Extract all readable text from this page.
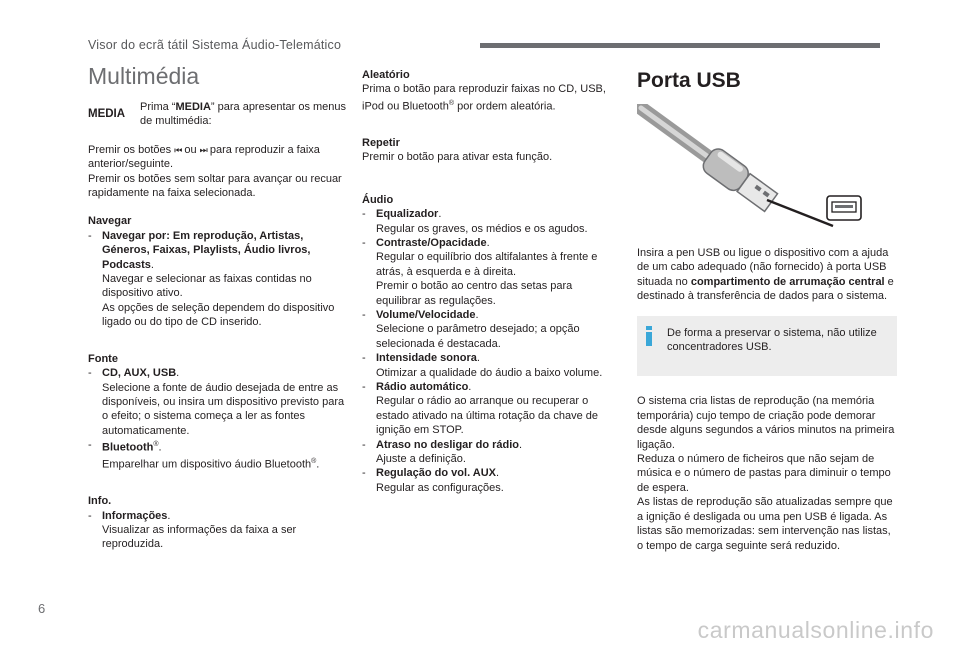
Visor do ecrã tátil Sistema Áudio-Telemático
Multimédia
MEDIA
Prima “MEDIA” para apresentar os menus de multimédia:

Premir os botões ⏮ ou ⏭ para reproduzir a faixa anterior/seguinte.

Premir os botões sem soltar para avançar ou recuar rapidamente na faixa selecionada.

Navegar

- Navegar por: Em reprodução, Artistas, Géneros, Faixas, Playlists, Áudio livros, Podcasts.

Navegar e selecionar as faixas contidas no dispositivo ativo.

As opções de seleção dependem do dispositivo ligado ou do tipo de CD inserido.

Fonte

- CD, AUX, USB.

Selecione a fonte de áudio desejada de entre as disponíveis, ou insira um dispositivo previsto para o efeito; o sistema começa a ler as fontes automaticamente.

- Bluetooth®.

Emparelhar um dispositivo áudio Bluetooth®.

Info.

- Informações.

Visualizar as informações da faixa a ser reproduzida.

Aleatório

Prima o botão para reproduzir faixas no CD, USB, iPod ou Bluetooth® por ordem aleatória.

Repetir

Premir o botão para ativar esta função.

Áudio

- Equalizador.

Regular os graves, os médios e os agudos.

- Contraste/Opacidade.

Regular o equilíbrio dos altifalantes à frente e atrás, à esquerda e à direita.

Premir o botão ao centro das setas para equilibrar as regulações.

- Volume/Velocidade.

Selecione o parâmetro desejado; a opção selecionada é destacada.

- Intensidade sonora.

Otimizar a qualidade do áudio a baixo volume.

- Rádio automático.

Regular o rádio ao arranque ou recuperar o estado ativado na última rotação da chave de ignição em STOP.

- Atraso no desligar do rádio.

Ajuste a definição.

- Regulação do vol. AUX.

Regular as configurações.

Porta USB

Insira a pen USB ou ligue o dispositivo com a ajuda de um cabo adequado (não fornecido) à porta USB situada no compartimento de arrumação central e destinado à transferência de dados para o sistema.

De forma a preservar o sistema, não utilize concentradores USB.

O sistema cria listas de reprodução (na memória temporária) cujo tempo de criação pode demorar desde alguns segundos a vários minutos na primeira ligação.

Reduza o número de ficheiros que não sejam de música e o número de pastas para diminuir o tempo de espera.

As listas de reprodução são atualizadas sempre que a ignição é desligada ou uma pen USB é ligada. As listas são memorizadas: sem intervenção nas listas, o tempo de carga seguinte será reduzido.

6
carmanualsonline.info
